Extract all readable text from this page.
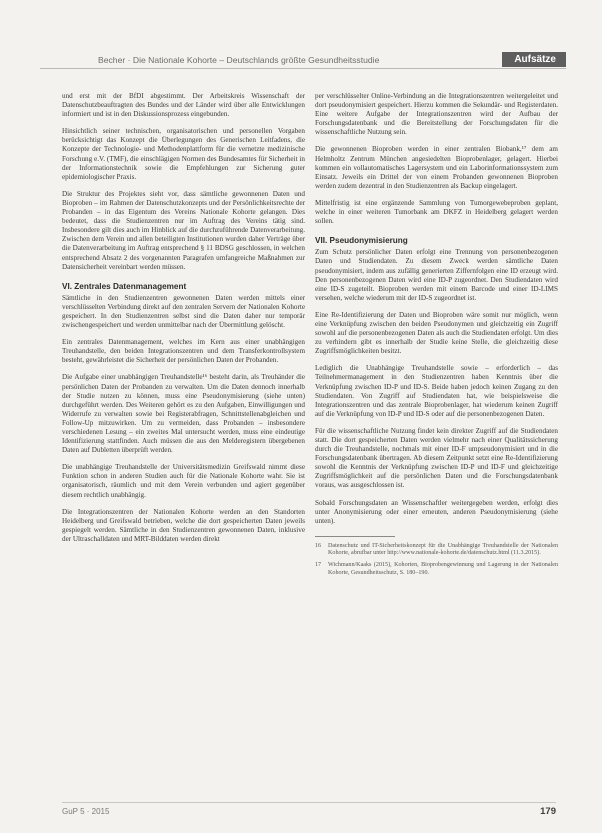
Becher · Die Nationale Kohorte – Deutschlands größte Gesundheitsstudie	Aufsätze

und erst mit der BfDI abgestimmt. Der Arbeitskreis Wissenschaft der Datenschutzbeauftragten des Bundes und der Länder wird über alle Entwicklungen informiert und ist in den Diskussionsprozess eingebunden.

Hinsichtlich seiner technischen, organisatorischen und personellen Vorgaben berücksichtigt das Konzept die Überlegungen des Generischen Leitfadens, die Konzepte der Technologie- und Methodenplattform für die vernetzte medizinische Forschung e.V. (TMF), die einschlägigen Normen des Bundesamtes für Sicherheit in der Informationstechnik sowie die Empfehlungen zur Sicherung guter epidemiologischer Praxis.

Die Struktur des Projektes sieht vor, dass sämtliche gewonnenen Daten und Bioproben – im Rahmen der Datenschutzkonzepts und der Persönlichkeitsrechte der Probanden – in das Eigentum des Vereins Nationale Kohorte gelangen. Dies bedeutet, dass die Studienzentren nur im Auftrag des Vereins tätig sind. Insbesondere gilt dies auch im Hinblick auf die durchzuführende Datenverarbeitung. Zwischen dem Verein und allen beteiligten Institutionen wurden daher Verträge über die Datenverarbeitung im Auftrag entsprechend § 11 BDSG geschlossen, in welchen entsprechend Absatz 2 des vorgenannten Paragrafen umfangreiche Maßnahmen zur Datensicherheit vereinbart werden müssen.

VI. Zentrales Datenmanagement

Sämtliche in den Studienzentren gewonnenen Daten werden mittels einer verschlüsselten Verbindung direkt auf den zentralen Servern der Nationalen Kohorte gespeichert. In den Studienzentren selbst sind die Daten daher nur temporär zwischengespeichert und werden unmittelbar nach der Übermittlung gelöscht.

Ein zentrales Datenmanagement, welches im Kern aus einer unabhängigen Treuhandstelle, den beiden Integrationszentren und dem Transferkontrollsystem besteht, gewährleistet die Sicherheit der persönlichen Daten der Probanden.

Die Aufgabe einer unabhängigen Treuhandstelle¹⁶ besteht darin, als Treuhänder die persönlichen Daten der Probanden zu verwalten. Um die Daten dennoch innerhalb der Studie nutzen zu können, muss eine Pseudonymisierung (siehe unten) durchgeführt werden. Des Weiteren gehört es zu den Aufgaben, Einwilligungen und Widerrufe zu verwalten sowie bei Registerabfragen, Schnittstellenabgleichen und Follow-Up mitzuwirken. Um zu vermeiden, dass Probanden – insbesondere verschiedenen Lesung – ein zweites Mal untersucht werden, muss eine eindeutige Identifizierung stattfinden. Auch müssen die aus den Melderegistern übergebenen Daten auf Dubletten überprüft werden.

Die unabhängige Treuhandstelle der Universitätsmedizin Greifswald nimmt diese Funktion schon in anderen Studien auch für die Nationale Kohorte wahr. Sie ist organisatorisch, räumlich und mit dem Verein verbunden und agiert gegenüber diesem rechtlich unabhängig.

Die Integrationszentren der Nationalen Kohorte werden an den Standorten Heidelberg und Greifswald betrieben, welche die dort gespeicherten Daten jeweils gespiegelt werden. Sämtliche in den Studienzentren gewonnenen Daten, inklusive der Ultraschalldaten und MRT-Bilddaten werden direkt

per verschlüsselter Online-Verbindung an die Integrationszentren weitergeleitet und dort pseudonymisiert gespeichert. Hierzu kommen die Sekundär- und Registerdaten. Eine weitere Aufgabe der Integrationszentren wird der Aufbau der Forschungsdatenbank und die Bereitstellung der Forschungsdaten für die wissenschaftliche Nutzung sein.

Die gewonnenen Bioproben werden in einer zentralen Biobank,¹⁷ dem am Helmholtz Zentrum München angesiedelten Bioprobenlager, gelagert. Hierbei kommen ein vollautomatisches Lagersystem und ein Laborinformationssystem zum Einsatz. Jeweils ein Drittel der von einem Probanden gewonnenen Bioproben werden zudem dezentral in den Studienzentren als Backup eingelagert.

Mittelfristig ist eine ergänzende Sammlung von Tumorgewebeproben geplant, welche in einer weiteren Tumorbank am DKFZ in Heidelberg gelagert werden sollen.

VII. Pseudonymisierung

Zum Schutz persönlicher Daten erfolgt eine Trennung von personenbezogenen Daten und Studiendaten. Zu diesem Zweck werden sämtliche Daten pseudonymisiert, indem aus zufällig generierten Ziffernfolgen eine ID erzeugt wird. Den personenbezogenen Daten wird eine ID-P zugeordnet. Den Studiendaten wird eine ID-S zugeteilt. Bioproben werden mit einem Barcode und einer ID-LIMS versehen, welche wiederum mit der ID-S zugeordnet ist.

Eine Re-Identifizierung der Daten und Bioproben wäre somit nur möglich, wenn eine Verknüpfung zwischen den beiden Pseudonymen und gleichzeitig ein Zugriff sowohl auf die personenbezogenen Daten als auch die Studiendaten erfolgt. Um dies zu verhindern gibt es innerhalb der Studie keine Stelle, die gleichzeitig diese Zugriffsmöglichkeiten besitzt.

Lediglich die Unabhängige Treuhandstelle sowie – erforderlich – das Teilnehmermanagement in den Studienzentren haben Kenntnis über die Verknüpfung zwischen ID-P und ID-S. Beide haben jedoch keinen Zugang zu den Studiendaten. Von Zugriff auf Studiendaten hat, wie beispielsweise die Integrationszentren und das zentrale Bioprobenlager, hat wiederum keinen Zugriff auf die Verknüpfung von ID-P und ID-S oder auf die personenbezogenen Daten.

Für die wissenschaftliche Nutzung findet kein direkter Zugriff auf die Studiendaten statt. Die dort gespeicherten Daten werden vielmehr nach einer Qualitätssicherung durch die Treuhandstelle, nochmals mit einer ID-F umpseudonymisiert und in die Forschungsdatenbank übertragen. Ab diesem Zeitpunkt setzt eine Re-Identifizierung sowohl die Kenntnis der Verknüpfung zwischen ID-P und ID-F und gleichzeitige Zugriffsmöglichkeit auf die persönlichen Daten und die Forschungsdatenbank voraus, was ausgeschlossen ist.

Sobald Forschungsdaten an Wissenschaftler weitergegeben werden, erfolgt dies unter Anonymisierung oder einer erneuten, anderen Pseudonymisierung (siehe unten).

16	Datenschutz und IT-Sicherheitskonzept für die Unabhängige Treuhandstelle der Nationalen Kohorte, abrufbar unter http://www.nationale-kohorte.de/datenschutz.html (11.3.2015).
17	Wichmann/Kaaks (2015), Kohorten, Bioprobengewinnung und Lagerung in der Nationalen Kohorte, Gesundheitsschutz, S. 180–190.
GuP 5 · 2015	179
